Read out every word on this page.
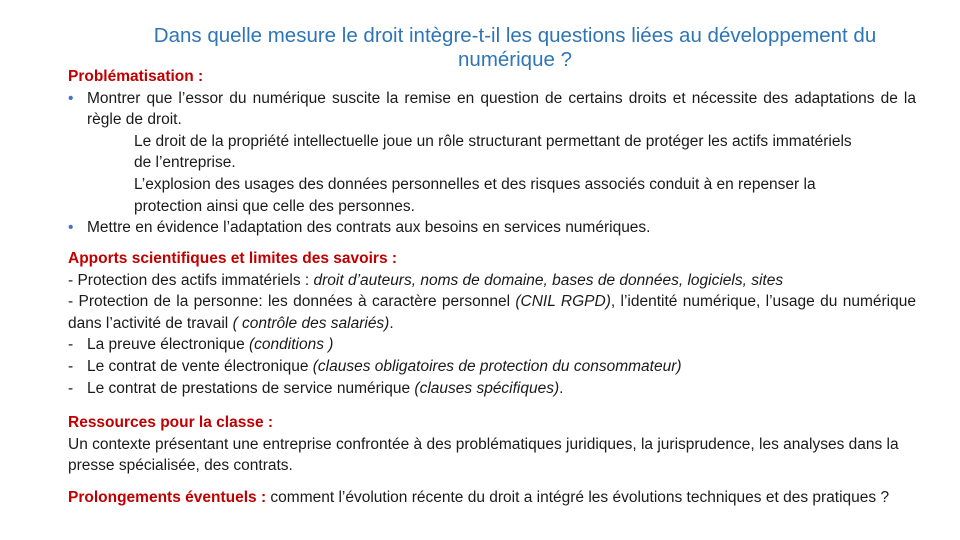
Dans quelle mesure le droit intègre-t-il les questions liées au développement du numérique ?
Problématisation :
• Montrer que l’essor du numérique suscite la remise en question de certains droits et nécessite des adaptations de la règle de droit.
Le droit de la propriété intellectuelle joue un rôle structurant permettant de protéger les actifs immatériels de l’entreprise.
L’explosion des usages des données personnelles et des risques associés conduit à en repenser la protection ainsi que celle des personnes.
• Mettre en évidence l’adaptation des contrats aux besoins en services numériques.
Apports scientifiques et limites des savoirs :
- Protection des actifs immatériels : droit d’auteurs, noms de domaine, bases de données, logiciels, sites
- Protection de la personne: les données à caractère personnel (CNIL RGPD), l’identité numérique, l’usage du numérique dans l’activité de travail ( contrôle des salariés).
- La preuve électronique (conditions )
- Le contrat de vente électronique (clauses obligatoires de protection du consommateur)
- Le contrat de prestations de service numérique (clauses spécifiques).
Ressources pour la classe :
Un contexte présentant une entreprise confrontée à des problématiques juridiques, la jurisprudence, les analyses dans la presse spécialisée, des contrats.
Prolongements éventuels : comment l’évolution récente du droit a intégré les évolutions techniques et des pratiques ?
